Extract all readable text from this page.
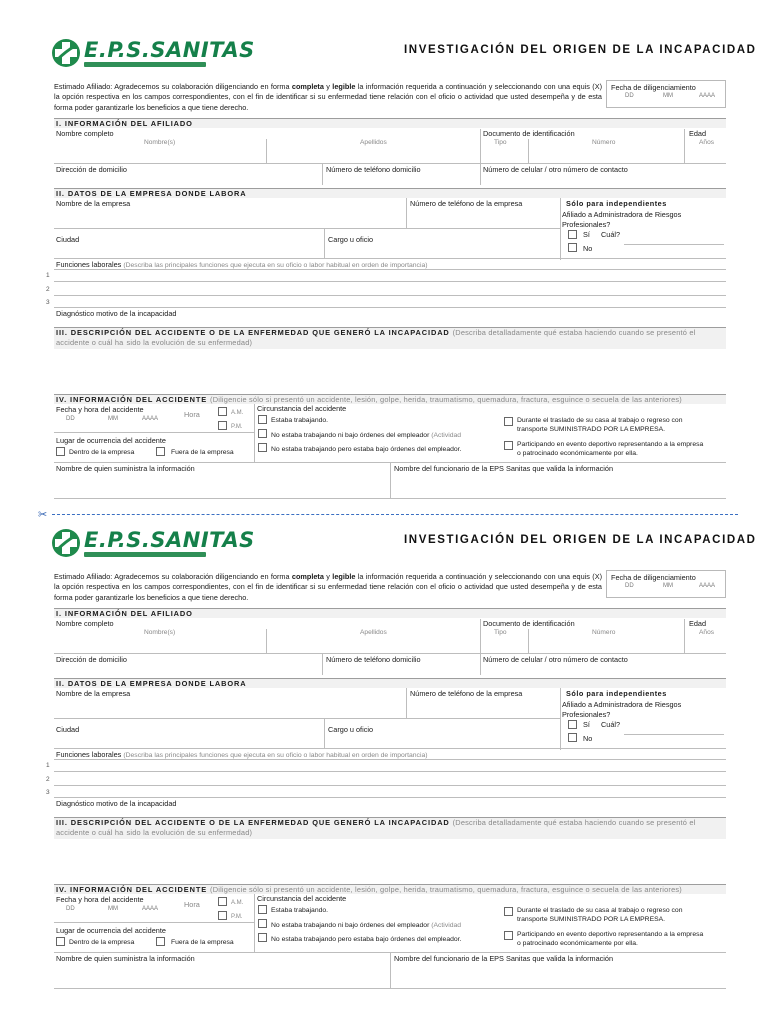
✂
E.P.S.SANITAS	INVESTIGACIÓN DEL ORIGEN DE LA INCAPACIDAD
Estimado Afiliado: Agradecemos su colaboración diligenciando en forma completa y legible la información requerida a continuación y seleccionando con una equis (X) la opción respectiva en los campos correspondientes, con el fin de identificar si su enfermedad tiene relación con el oficio o actividad que usted desempeña y de esta forma poder garantizarle los beneficios a que tiene derecho.
Fecha de diligenciamiento
DD	MM	AAAA
I. INFORMACIÓN DEL AFILIADO
Nombre completo
Nombre(s)	Apellidos
Documento de identificación
Tipo	Número
Edad
Años
Dirección de domicilio	Número de teléfono domicilio	Número de celular / otro número de contacto
II. DATOS DE LA EMPRESA DONDE LABORA
Nombre de la empresa	Número de teléfono de la empresa	Sólo para independientes
Afiliado a Administradora de Riesgos
Profesionales?
Sí Cuál?
No
Ciudad	Cargo u oficio
Funciones laborales (Describa las principales funciones que ejecuta en su oficio o labor habitual en orden de importancia)
1
2
3
Diagnóstico motivo de la incapacidad
III. DESCRIPCIÓN DEL ACCIDENTE O DE LA ENFERMEDAD QUE GENERÓ LA INCAPACIDAD (Describa detalladamente qué estaba haciendo cuando se presentó el accidente o cuál ha sido la evolución de su enfermedad)
IV. INFORMACIÓN DEL ACCIDENTE (Diligencie sólo si presentó un accidente, lesión, golpe, herida, traumatismo, quemadura, fractura, esguince o secuela de las anteriores)
Fecha y hora del accidente
DD	MM	AAAA	Hora	A.M.
P.M.
Circunstancia del accidente
Estaba trabajando.
No estaba trabajando ni bajo órdenes del empleador (Actividad
No estaba trabajando pero estaba bajo órdenes del empleador.
Durante el traslado de su casa al trabajo o regreso con
transporte SUMINISTRADO POR LA EMPRESA.
Participando en evento deportivo representando a la empresa
o patrocinado económicamente por ella.
Lugar de ocurrencia del accidente
Dentro de la empresa	Fuera de la empresa
Nombre de quien suministra la información	Nombre del funcionario de la EPS Sanitas que valida la información
E.P.S.SANITAS	INVESTIGACIÓN DEL ORIGEN DE LA INCAPACIDAD
Estimado Afiliado: Agradecemos su colaboración diligenciando en forma completa y legible la información requerida a continuación y seleccionando con una equis (X) la opción respectiva en los campos correspondientes, con el fin de identificar si su enfermedad tiene relación con el oficio o actividad que usted desempeña y de esta forma poder garantizarle los beneficios a que tiene derecho.
Fecha de diligenciamiento
DD	MM	AAAA
I. INFORMACIÓN DEL AFILIADO
Nombre completo
Nombre(s)	Apellidos
Documento de identificación
Tipo	Número
Edad
Años
Dirección de domicilio	Número de teléfono domicilio	Número de celular / otro número de contacto
II. DATOS DE LA EMPRESA DONDE LABORA
Nombre de la empresa	Número de teléfono de la empresa	Sólo para independientes
Afiliado a Administradora de Riesgos
Profesionales?
Sí Cuál?
No
Ciudad	Cargo u oficio
Funciones laborales (Describa las principales funciones que ejecuta en su oficio o labor habitual en orden de importancia)
1
2
3
Diagnóstico motivo de la incapacidad
III. DESCRIPCIÓN DEL ACCIDENTE O DE LA ENFERMEDAD QUE GENERÓ LA INCAPACIDAD (Describa detalladamente qué estaba haciendo cuando se presentó el accidente o cuál ha sido la evolución de su enfermedad)
IV. INFORMACIÓN DEL ACCIDENTE (Diligencie sólo si presentó un accidente, lesión, golpe, herida, traumatismo, quemadura, fractura, esguince o secuela de las anteriores)
Fecha y hora del accidente
DD	MM	AAAA	Hora	A.M.
P.M.
Circunstancia del accidente
Estaba trabajando.
No estaba trabajando ni bajo órdenes del empleador (Actividad
No estaba trabajando pero estaba bajo órdenes del empleador.
Durante el traslado de su casa al trabajo o regreso con
transporte SUMINISTRADO POR LA EMPRESA.
Participando en evento deportivo representando a la empresa
o patrocinado económicamente por ella.
Lugar de ocurrencia del accidente
Dentro de la empresa	Fuera de la empresa
Nombre de quien suministra la información	Nombre del funcionario de la EPS Sanitas que valida la información
